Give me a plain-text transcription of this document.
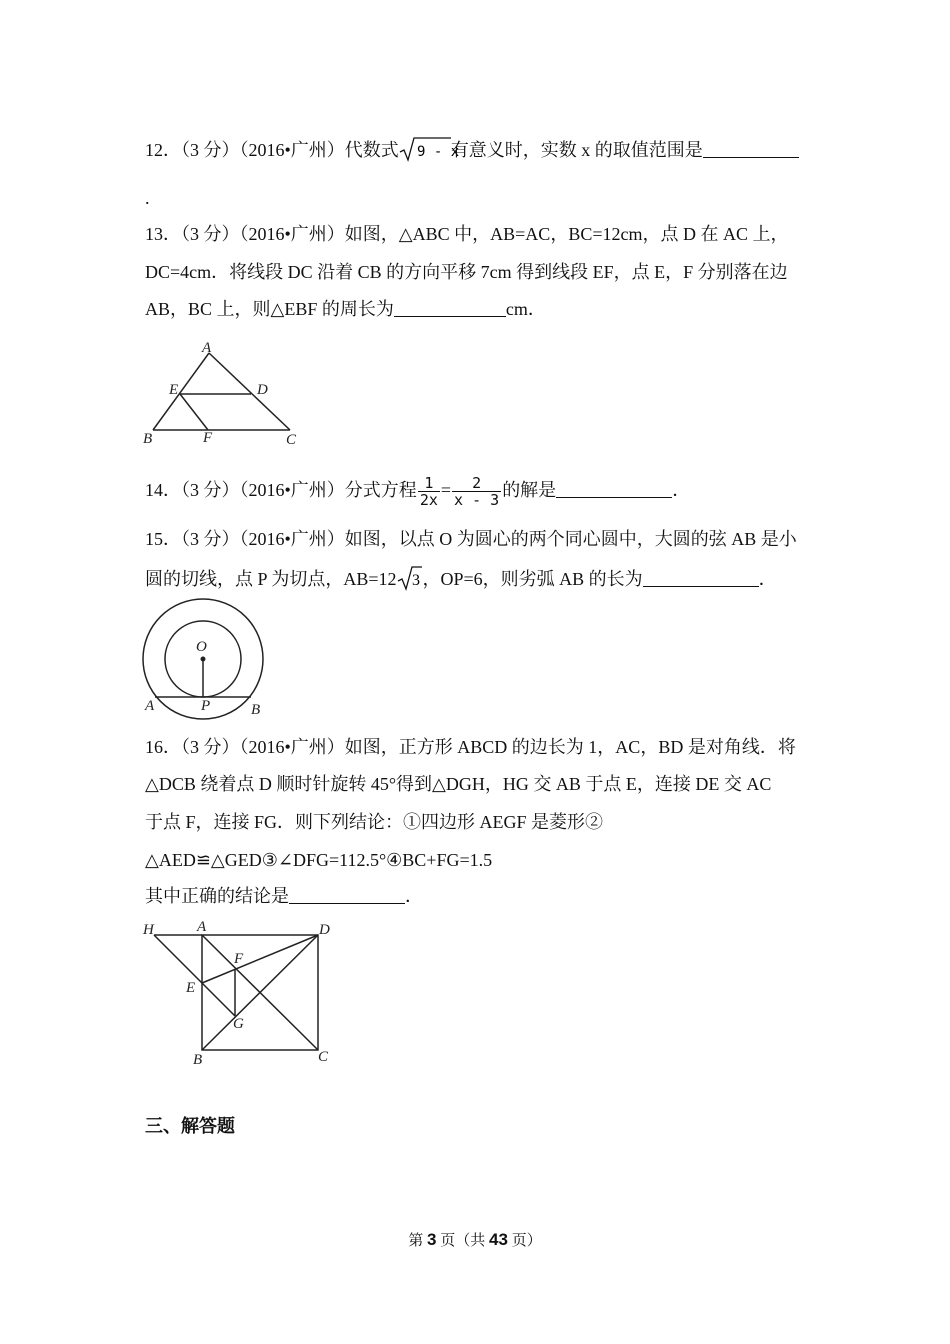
12．（3 分）（2016•广州）代数式 9 - x
有意义时，实数 x 的取值范围是
.
13．（3 分）（2016•广州）如图，△ABC 中，AB=AC，BC=12cm，点 D 在 AC 上，
DC=4cm．将线段 DC 沿着 CB 的方向平移 7cm 得到线段 EF，点 E，F 分别落在边
AB，BC 上，则△EBF 的周长为	cm．
A
E	D
B	F	C
14．（3 分）（2016•广州）分式方程 $\frac{1}{2x} = \frac{2}{x - 3}$ 的解是	．
15．（3 分）（2016•广州）如图，以点 O 为圆心的两个同心圆中，大圆的弦 AB 是小
圆的切线，点 P 为切点，AB=12 3 ，OP=6，则劣弧 AB 的长为	．
O
A	P	B
16．（3 分）（2016•广州）如图，正方形 ABCD 的边长为 1，AC，BD 是对角线．将
△DCB 绕着点 D 顺时针旋转 45°得到△DGH，HG 交 AB 于点 E，连接 DE 交 AC
于点 F，连接 FG．则下列结论：①四边形 AEGF 是菱形②
△AED≌△GED③∠DFG=112.5°④BC+FG=1.5
其中正确的结论是	．
H	A	D
F
E
G
B	C
三、解答题
第 3 页（共 43 页）
